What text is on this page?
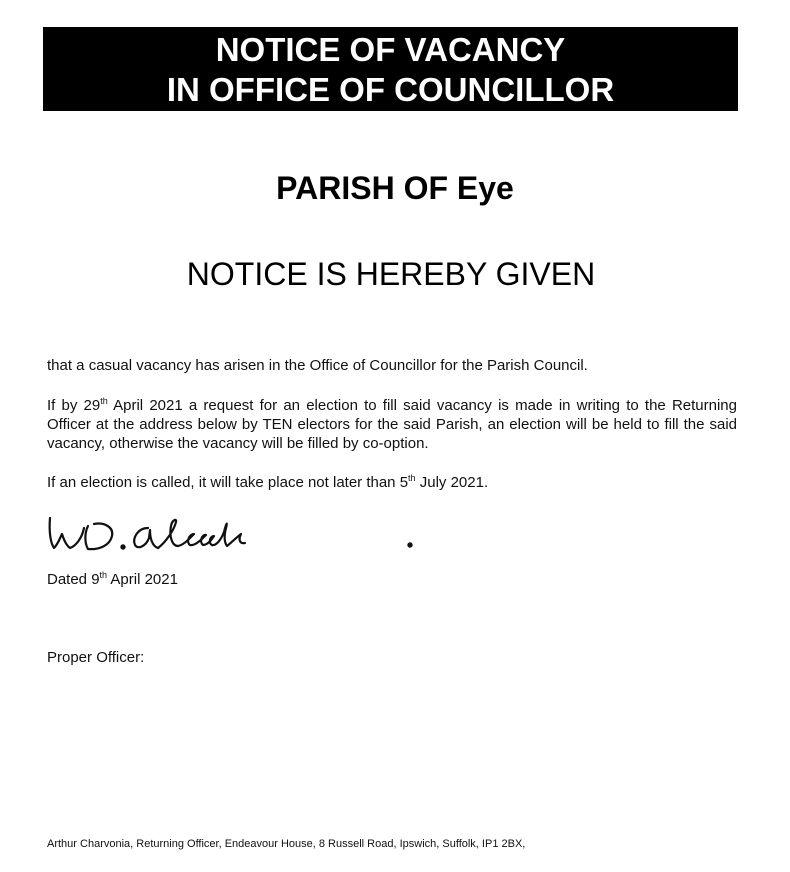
NOTICE OF VACANCY
IN OFFICE OF COUNCILLOR
PARISH OF Eye
NOTICE IS HEREBY GIVEN
that a casual vacancy has arisen in the Office of Councillor for the Parish Council.
If by 29th April 2021 a request for an election to fill said vacancy is made in writing to the Returning Officer at the address below by TEN electors for the said Parish, an election will be held to fill the said vacancy, otherwise the vacancy will be filled by co-option.
If an election is called, it will take place not later than 5th July 2021.
Dated 9th April 2021
Proper Officer:
Arthur Charvonia, Returning Officer, Endeavour House, 8 Russell Road, Ipswich, Suffolk, IP1 2BX,
